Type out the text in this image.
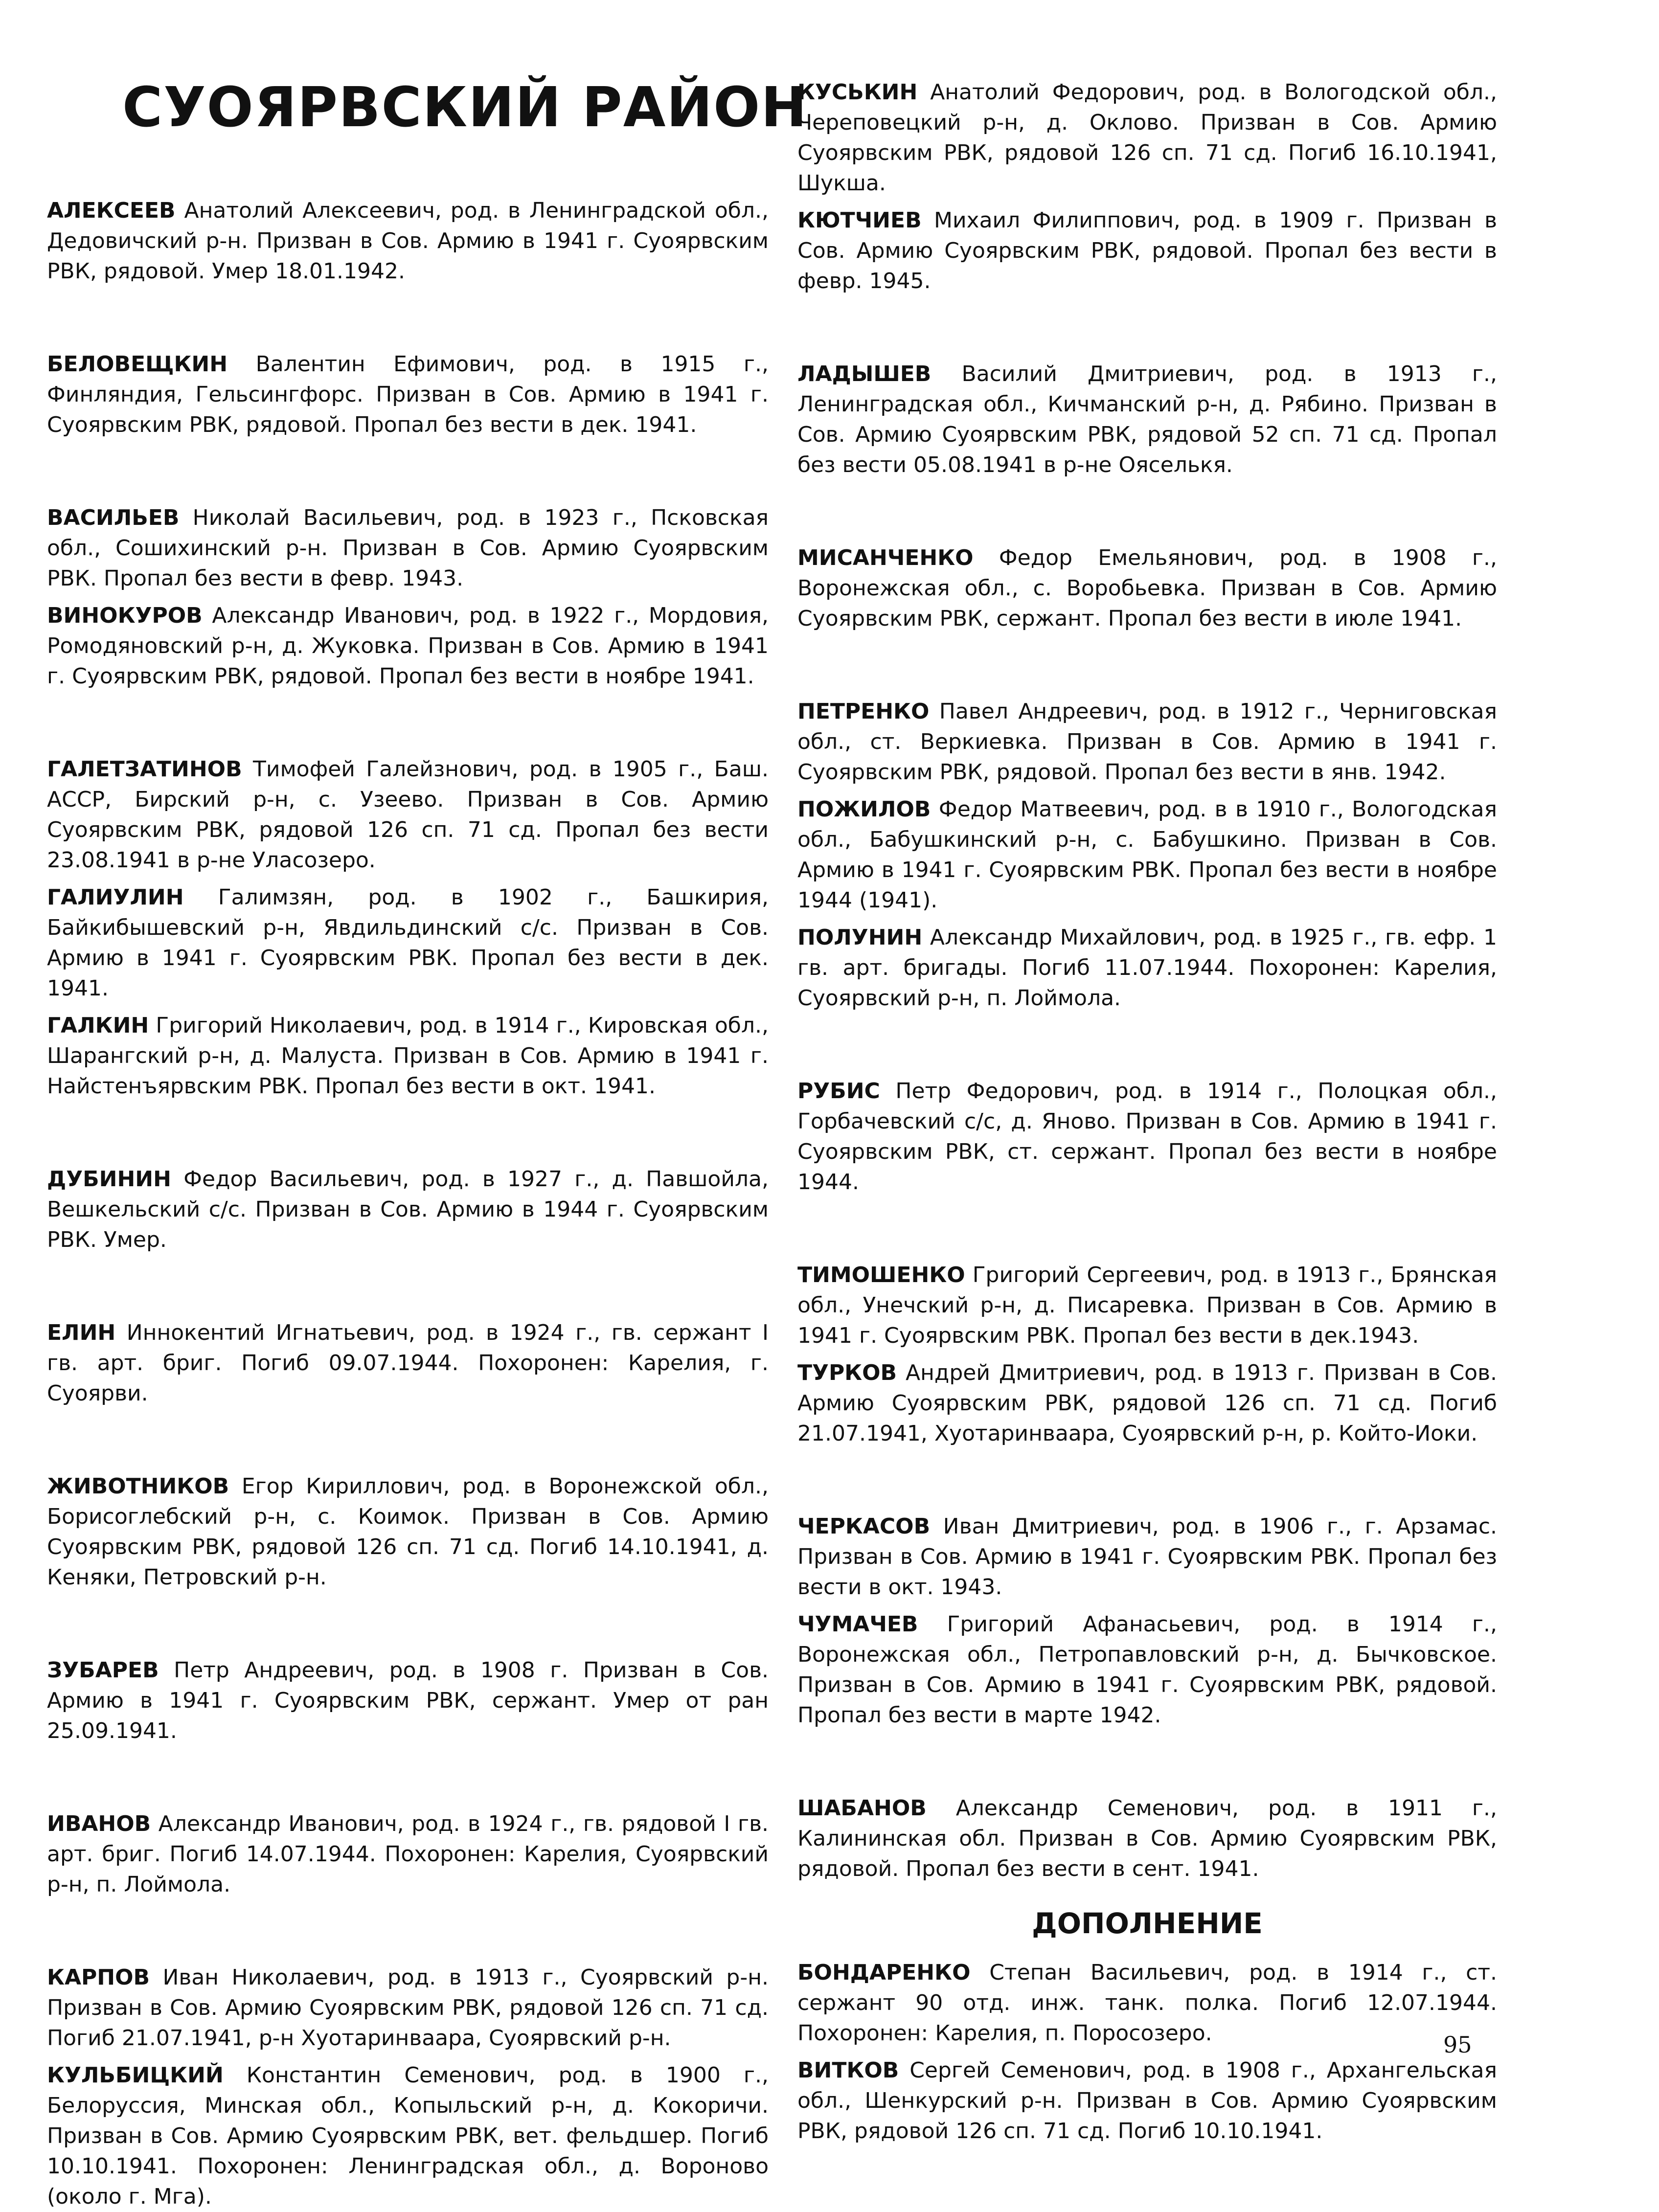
СУОЯРВСКИЙ РАЙОН

АЛЕКСЕЕВ Анатолий Алексеевич, род. в Ленинградской обл., Дедовичский р-н. Призван в Сов. Армию в 1941 г. Суоярвским РВК, рядовой. Умер 18.01.1942.

БЕЛОВЕЩКИН Валентин Ефимович, род. в 1915 г., Финляндия, Гельсингфорс. Призван в Сов. Армию в 1941 г. Суоярвским РВК, рядовой. Пропал без вести в дек. 1941.

ВАСИЛЬЕВ Николай Васильевич, род. в 1923 г., Псковская обл., Сошихинский р-н. Призван в Сов. Армию Суоярвским РВК. Пропал без вести в февр. 1943.

ВИНОКУРОВ Александр Иванович, род. в 1922 г., Мордовия, Ромодяновский р-н, д. Жуковка. Призван в Сов. Армию в 1941 г. Суоярвским РВК, рядовой. Пропал без вести в ноябре 1941.

ГАЛЕТЗАТИНОВ Тимофей Галейзнович, род. в 1905 г., Баш. АССР, Бирский р-н, с. Узеево. Призван в Сов. Армию Суоярвским РВК, рядовой 126 сп. 71 сд. Пропал без вести 23.08.1941 в р-не Уласозеро.

ГАЛИУЛИН Галимзян, род. в 1902 г., Башкирия, Байкибышевский р-н, Явдильдинский с/с. Призван в Сов. Армию в 1941 г. Суоярвским РВК. Пропал без вести в дек. 1941.

ГАЛКИН Григорий Николаевич, род. в 1914 г., Кировская обл., Шарангский р-н, д. Малуста. Призван в Сов. Армию в 1941 г. Найстенъярвским РВК. Пропал без вести в окт. 1941.

ДУБИНИН Федор Васильевич, род. в 1927 г., д. Павшойла, Вешкельский с/с. Призван в Сов. Армию в 1944 г. Суоярвским РВК. Умер.

ЕЛИН Иннокентий Игнатьевич, род. в 1924 г., гв. сержант I гв. арт. бриг. Погиб 09.07.1944. Похоронен: Карелия, г. Суоярви.

ЖИВОТНИКОВ Егор Кириллович, род. в Воронежской обл., Борисоглебский р-н, с. Коимок. Призван в Сов. Армию Суоярвским РВК, рядовой 126 сп. 71 сд. Погиб 14.10.1941, д. Кеняки, Петровский р-н.

ЗУБАРЕВ Петр Андреевич, род. в 1908 г. Призван в Сов. Армию в 1941 г. Суоярвским РВК, сержант. Умер от ран 25.09.1941.

ИВАНОВ Александр Иванович, род. в 1924 г., гв. рядовой I гв. арт. бриг. Погиб 14.07.1944. Похоронен: Карелия, Суоярвский р-н, п. Лоймола.

КАРПОВ Иван Николаевич, род. в 1913 г., Суоярвский р-н. Призван в Сов. Армию Суоярвским РВК, рядовой 126 сп. 71 сд. Погиб 21.07.1941, р-н Хуотаринваара, Суоярвский р-н.

КУЛЬБИЦКИЙ Константин Семенович, род. в 1900 г., Белоруссия, Минская обл., Копыльский р-н, д. Кокоричи. Призван в Сов. Армию Суоярвским РВК, вет. фельдшер. Погиб 10.10.1941. Похоронен: Ленинградская обл., д. Вороново (около г. Мга).

КУСЬКИН Анатолий Федорович, род. в Вологодской обл., Череповецкий р-н, д. Оклово. Призван в Сов. Армию Суоярвским РВК, рядовой 126 сп. 71 сд. Погиб 16.10.1941, Шукша.

КЮТЧИЕВ Михаил Филиппович, род. в 1909 г. Призван в Сов. Армию Суоярвским РВК, рядовой. Пропал без вести в февр. 1945.

ЛАДЫШЕВ Василий Дмитриевич, род. в 1913 г., Ленинградская обл., Кичманский р-н, д. Рябино. Призван в Сов. Армию Суоярвским РВК, рядовой 52 сп. 71 сд. Пропал без вести 05.08.1941 в р-не Ояселькя.

МИСАНЧЕНКО Федор Емельянович, род. в 1908 г., Воронежская обл., с. Воробьевка. Призван в Сов. Армию Суоярвским РВК, сержант. Пропал без вести в июле 1941.

ПЕТРЕНКО Павел Андреевич, род. в 1912 г., Черниговская обл., ст. Веркиевка. Призван в Сов. Армию в 1941 г. Суоярвским РВК, рядовой. Пропал без вести в янв. 1942.

ПОЖИЛОВ Федор Матвеевич, род. в в 1910 г., Вологодская обл., Бабушкинский р-н, с. Бабушкино. Призван в Сов. Армию в 1941 г. Суоярвским РВК. Пропал без вести в ноябре 1944 (1941).

ПОЛУНИН Александр Михайлович, род. в 1925 г., гв. ефр. 1 гв. арт. бригады. Погиб 11.07.1944. Похоронен: Карелия, Суоярвский р-н, п. Лоймола.

РУБИС Петр Федорович, род. в 1914 г., Полоцкая обл., Горбачевский с/с, д. Яново. Призван в Сов. Армию в 1941 г. Суоярвским РВК, ст. сержант. Пропал без вести в ноябре 1944.

ТИМОШЕНКО Григорий Сергеевич, род. в 1913 г., Брянская обл., Унечский р-н, д. Писаревка. Призван в Сов. Армию в 1941 г. Суоярвским РВК. Пропал без вести в дек.1943.

ТУРКОВ Андрей Дмитриевич, род. в 1913 г. Призван в Сов. Армию Суоярвским РВК, рядовой 126 сп. 71 сд. Погиб 21.07.1941, Хуотаринваара, Суоярвский р-н, р. Който-Иоки.

ЧЕРКАСОВ Иван Дмитриевич, род. в 1906 г., г. Арзамас. Призван в Сов. Армию в 1941 г. Суоярвским РВК. Пропал без вести в окт. 1943.

ЧУМАЧЕВ Григорий Афанасьевич, род. в 1914 г., Воронежская обл., Петропавловский р-н, д. Бычковское. Призван в Сов. Армию в 1941 г. Суоярвским РВК, рядовой. Пропал без вести в марте 1942.

ШАБАНОВ Александр Семенович, род. в 1911 г., Калининская обл. Призван в Сов. Армию Суоярвским РВК, рядовой. Пропал без вести в сент. 1941.

ДОПОЛНЕНИЕ

БОНДАРЕНКО Степан Васильевич, род. в 1914 г., ст. сержант 90 отд. инж. танк. полка. Погиб 12.07.1944. Похоронен: Карелия, п. Поросозеро.

ВИТКОВ Сергей Семенович, род. в 1908 г., Архангельская обл., Шенкурский р-н. Призван в Сов. Армию Суоярвским РВК, рядовой 126 сп. 71 сд. Погиб 10.10.1941.

95
